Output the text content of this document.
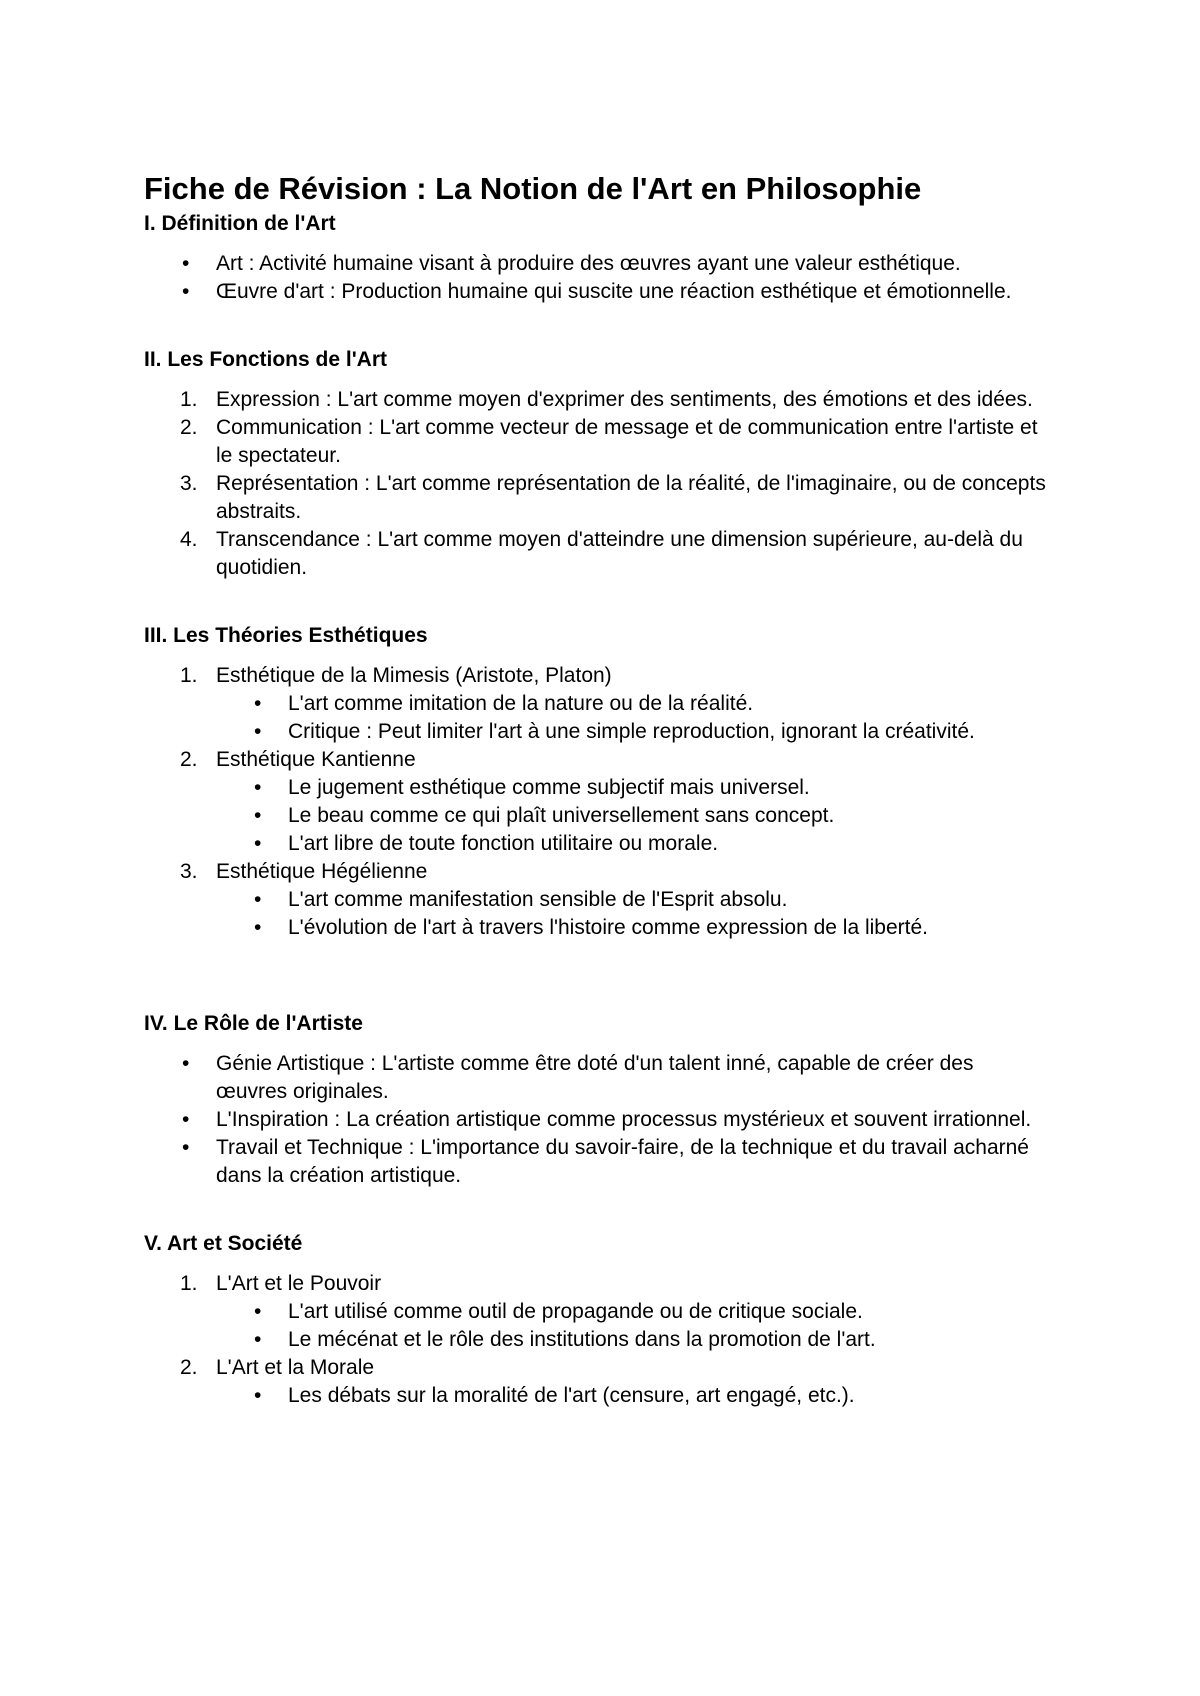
Fiche de Révision : La Notion de l'Art en Philosophie
I. Définition de l'Art
•	Art : Activité humaine visant à produire des œuvres ayant une valeur esthétique.
•	Œuvre d'art : Production humaine qui suscite une réaction esthétique et émotionnelle.
II. Les Fonctions de l'Art
1. Expression : L'art comme moyen d'exprimer des sentiments, des émotions et des idées.
2. Communication : L'art comme vecteur de message et de communication entre l'artiste et le spectateur.
3. Représentation : L'art comme représentation de la réalité, de l'imaginaire, ou de concepts abstraits.
4. Transcendance : L'art comme moyen d'atteindre une dimension supérieure, au-delà du quotidien.
III. Les Théories Esthétiques
1. Esthétique de la Mimesis (Aristote, Platon)
•	L'art comme imitation de la nature ou de la réalité.
•	Critique : Peut limiter l'art à une simple reproduction, ignorant la créativité.
2. Esthétique Kantienne
•	Le jugement esthétique comme subjectif mais universel.
•	Le beau comme ce qui plaît universellement sans concept.
•	L'art libre de toute fonction utilitaire ou morale.
3. Esthétique Hégélienne
•	L'art comme manifestation sensible de l'Esprit absolu.
•	L'évolution de l'art à travers l'histoire comme expression de la liberté.
IV. Le Rôle de l'Artiste
•	Génie Artistique : L'artiste comme être doté d'un talent inné, capable de créer des œuvres originales.
•	L'Inspiration : La création artistique comme processus mystérieux et souvent irrationnel.
•	Travail et Technique : L'importance du savoir-faire, de la technique et du travail acharné dans la création artistique.
V. Art et Société
1. L'Art et le Pouvoir
•	L'art utilisé comme outil de propagande ou de critique sociale.
•	Le mécénat et le rôle des institutions dans la promotion de l'art.
2. L'Art et la Morale
•	Les débats sur la moralité de l'art (censure, art engagé, etc.).
